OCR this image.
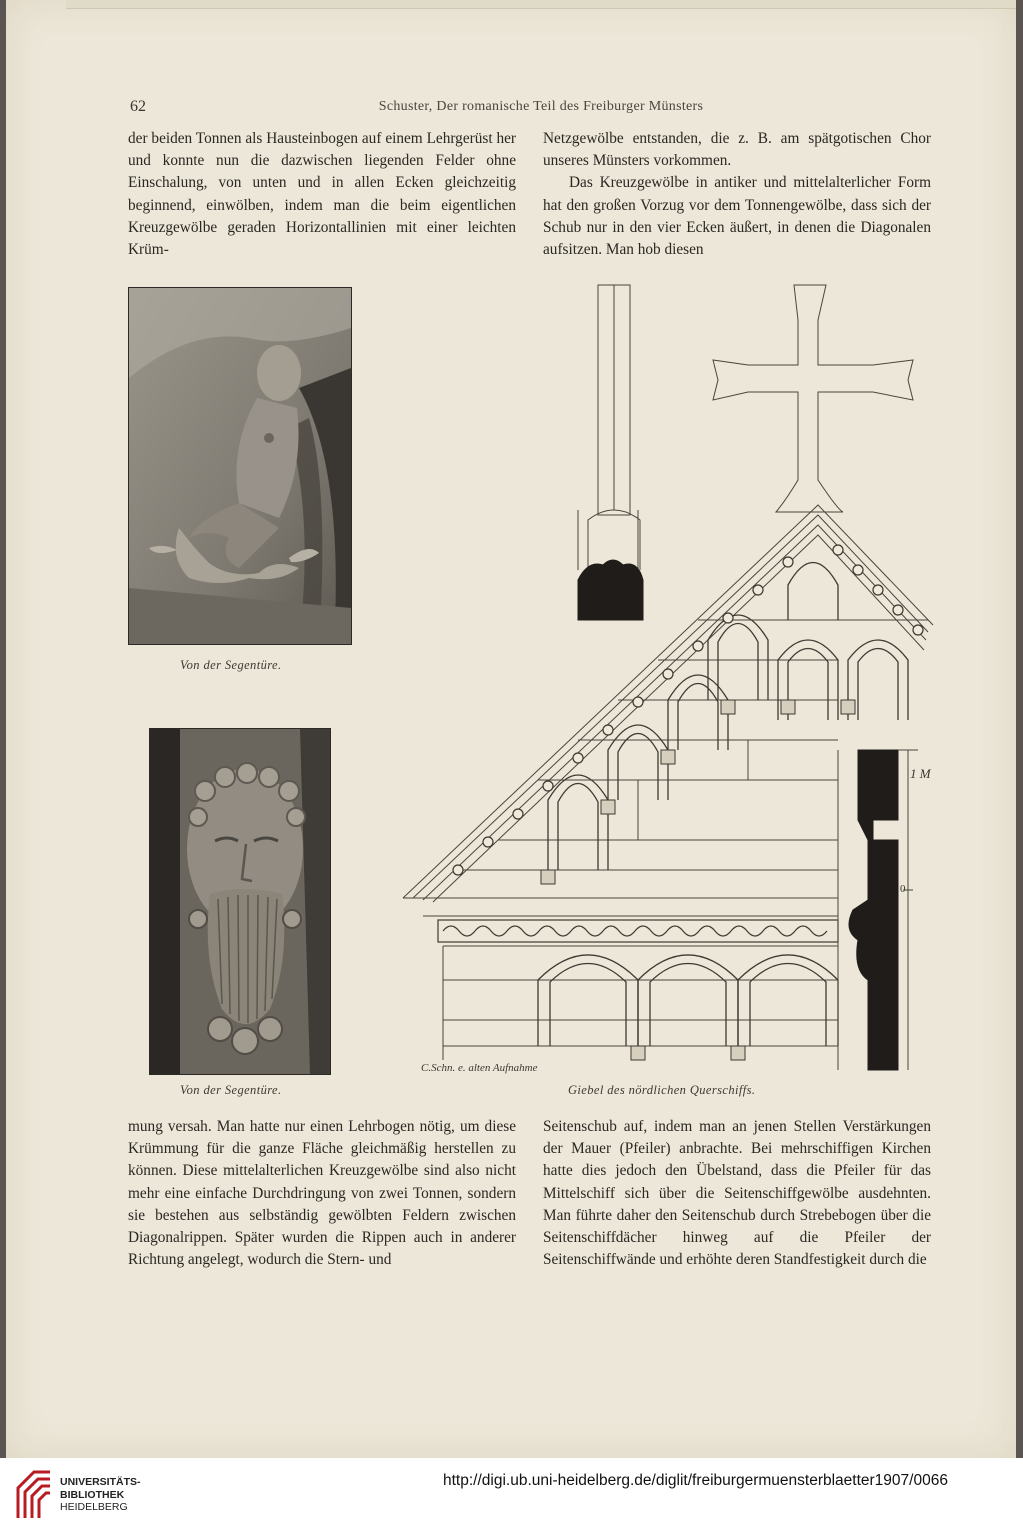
62	Schuster, Der romanische Teil des Freiburger Münsters

der beiden Tonnen als Hausteinbogen auf einem Lehrgerüst her und konnte nun die dazwischen liegenden Felder ohne Einschalung, von unten und in allen Ecken gleichzeitig beginnend, einwölben, indem man die beim eigentlichen Kreuzgewölbe geraden Horizontallinien mit einer leichten Krüm-

Netzgewölbe entstanden, die z. B. am spätgotischen Chor unseres Münsters vorkommen.

Das Kreuzgewölbe in antiker und mittelalterlicher Form hat den großen Vorzug vor dem Tonnengewölbe, dass sich der Schub nur in den vier Ecken äußert, in denen die Diagonalen aufsitzen. Man hob diesen

Von der Segentüre.
Von der Segentüre.
1 M
0
C.Schn. e. alten Aufnahme
Giebel des nördlichen Querschiffs.

mung versah. Man hatte nur einen Lehrbogen nötig, um diese Krümmung für die ganze Fläche gleichmäßig herstellen zu können. Diese mittelalterlichen Kreuzgewölbe sind also nicht mehr eine einfache Durchdringung von zwei Tonnen, sondern sie bestehen aus selbständig gewölbten Feldern zwischen Diagonalrippen. Später wurden die Rippen auch in anderer Richtung angelegt, wodurch die Stern- und

Seitenschub auf, indem man an jenen Stellen Verstärkungen der Mauer (Pfeiler) anbrachte. Bei mehrschiffigen Kirchen hatte dies jedoch den Übelstand, dass die Pfeiler für das Mittelschiff sich über die Seitenschiffgewölbe ausdehnten. Man führte daher den Seitenschub durch Strebebogen über die Seitenschiffdächer hinweg auf die Pfeiler der Seitenschiffwände und erhöhte deren Standfestigkeit durch die

UNIVERSITÄTS-
BIBLIOTHEK
HEIDELBERG
http://digi.ub.uni-heidelberg.de/diglit/freiburgermuensterblaetter1907/0066
